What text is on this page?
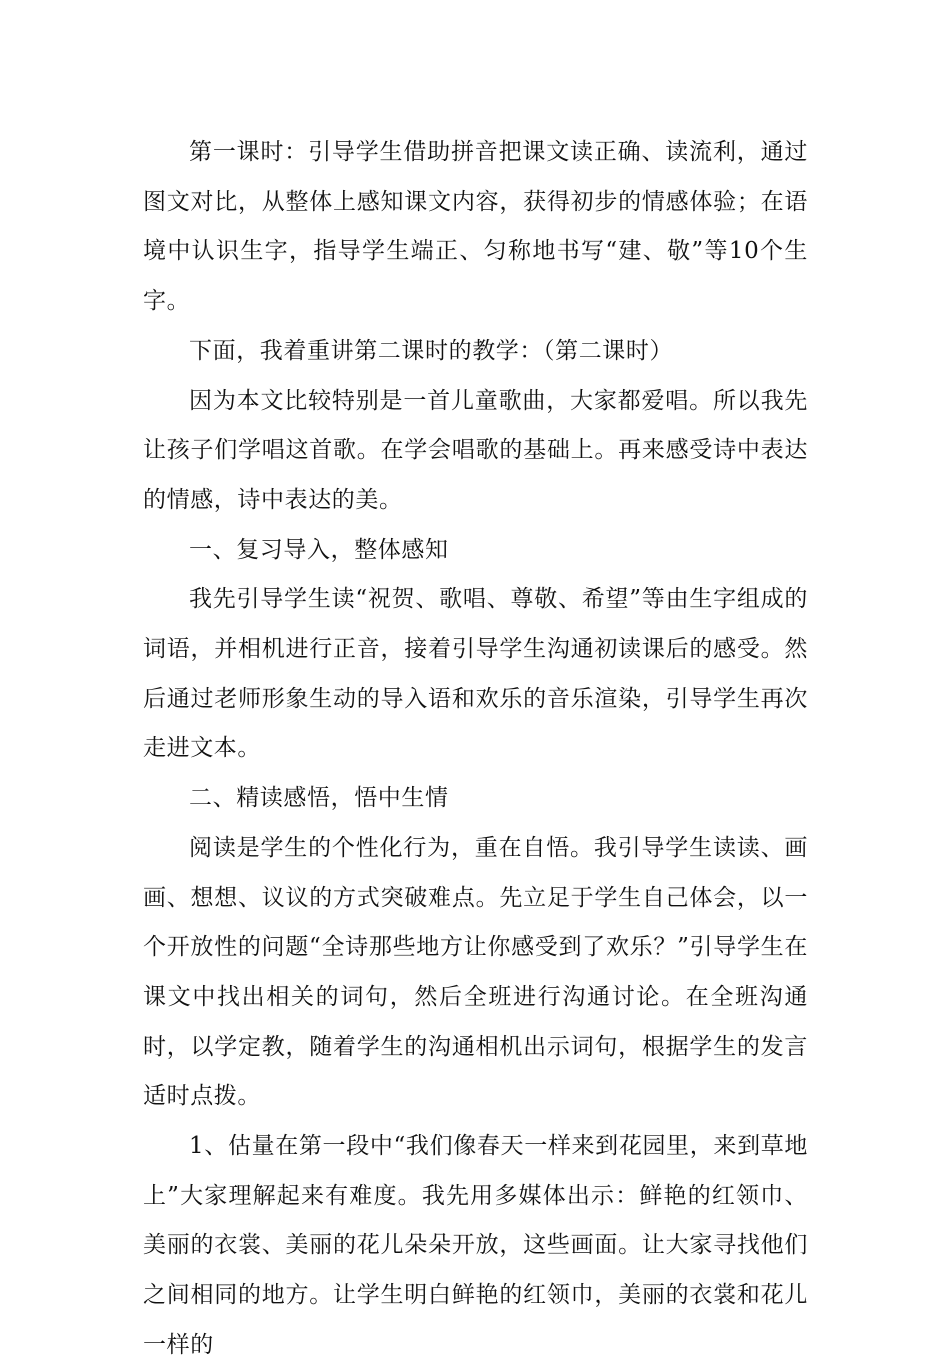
第一课时：引导学生借助拼音把课文读正确、读流利，通过图文对比，从整体上感知课文内容，获得初步的情感体验；在语境中认识生字，指导学生端正、匀称地书写“建、敬”等10个生字。

下面，我着重讲第二课时的教学：（第二课时）

因为本文比较特别是一首儿童歌曲，大家都爱唱。所以我先让孩子们学唱这首歌。在学会唱歌的基础上。再来感受诗中表达的情感，诗中表达的美。

一、复习导入，整体感知

我先引导学生读“祝贺、歌唱、尊敬、希望”等由生字组成的词语，并相机进行正音，接着引导学生沟通初读课后的感受。然后通过老师形象生动的导入语和欢乐的音乐渲染，引导学生再次走进文本。

二、精读感悟，悟中生情

阅读是学生的个性化行为，重在自悟。我引导学生读读、画画、想想、议议的方式突破难点。先立足于学生自己体会，以一个开放性的问题“全诗那些地方让你感受到了欢乐？”引导学生在课文中找出相关的词句，然后全班进行沟通讨论。在全班沟通时，以学定教，随着学生的沟通相机出示词句，根据学生的发言适时点拨。

1、估量在第一段中“我们像春天一样来到花园里，来到草地上”大家理解起来有难度。我先用多媒体出示：鲜艳的红领巾、美丽的衣裳、美丽的花儿朵朵开放，这些画面。让大家寻找他们之间相同的地方。让学生明白鲜艳的红领巾，美丽的衣裳和花儿一样的
